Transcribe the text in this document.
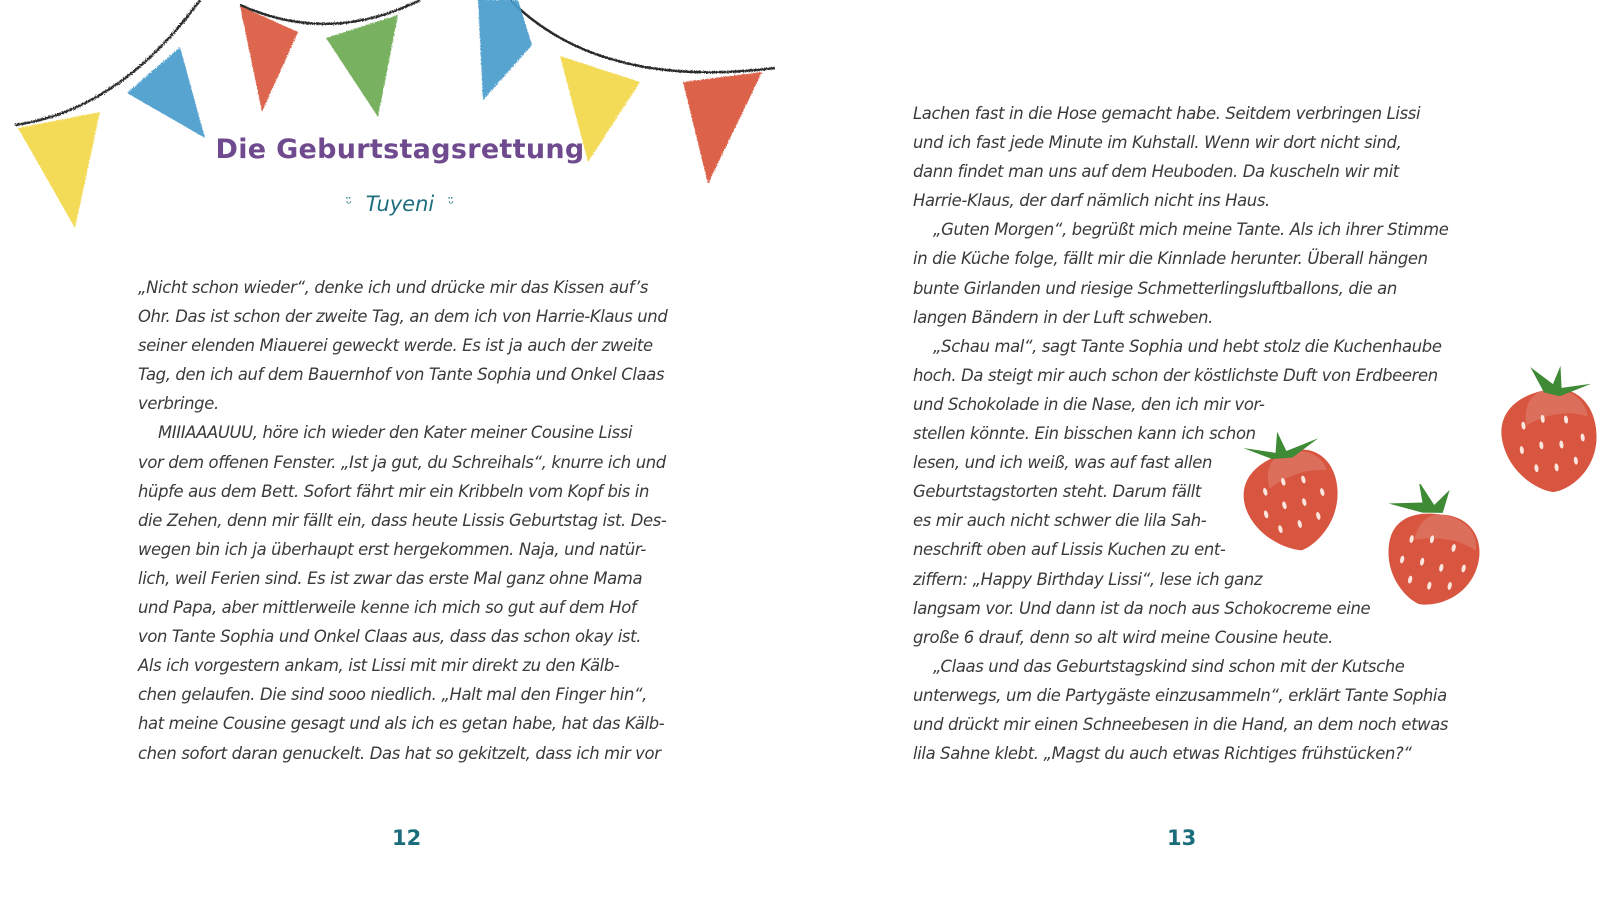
Die Geburtstagsrettung
ᵕ̈ Tuyeni ᵕ̈
„Nicht schon wieder“, denke ich und drücke mir das Kissen auf’s
Ohr. Das ist schon der zweite Tag, an dem ich von Harrie-Klaus und
seiner elenden Miauerei geweckt werde. Es ist ja auch der zweite
Tag, den ich auf dem Bauernhof von Tante Sophia und Onkel Claas
verbringe.
MIIIAAAUUU, höre ich wieder den Kater meiner Cousine Lissi
vor dem offenen Fenster. „Ist ja gut, du Schreihals“, knurre ich und
hüpfe aus dem Bett. Sofort fährt mir ein Kribbeln vom Kopf bis in
die Zehen, denn mir fällt ein, dass heute Lissis Geburtstag ist. Des-
wegen bin ich ja überhaupt erst hergekommen. Naja, und natür-
lich, weil Ferien sind. Es ist zwar das erste Mal ganz ohne Mama
und Papa, aber mittlerweile kenne ich mich so gut auf dem Hof
von Tante Sophia und Onkel Claas aus, dass das schon okay ist.
Als ich vorgestern ankam, ist Lissi mit mir direkt zu den Kälb-
chen gelaufen. Die sind sooo niedlich. „Halt mal den Finger hin“,
hat meine Cousine gesagt und als ich es getan habe, hat das Kälb-
chen sofort daran genuckelt. Das hat so gekitzelt, dass ich mir vor
12
Lachen fast in die Hose gemacht habe. Seitdem verbringen Lissi
und ich fast jede Minute im Kuhstall. Wenn wir dort nicht sind,
dann findet man uns auf dem Heuboden. Da kuscheln wir mit
Harrie-Klaus, der darf nämlich nicht ins Haus.
„Guten Morgen“, begrüßt mich meine Tante. Als ich ihrer Stimme
in die Küche folge, fällt mir die Kinnlade herunter. Überall hängen
bunte Girlanden und riesige Schmetterlingsluftballons, die an
langen Bändern in der Luft schweben.
„Schau mal“, sagt Tante Sophia und hebt stolz die Kuchenhaube
hoch. Da steigt mir auch schon der köstlichste Duft von Erdbeeren
und Schokolade in die Nase, den ich mir vor-
stellen könnte. Ein bisschen kann ich schon
lesen, und ich weiß, was auf fast allen
Geburtstagstorten steht. Darum fällt
es mir auch nicht schwer die lila Sah-
neschrift oben auf Lissis Kuchen zu ent-
ziffern: „Happy Birthday Lissi“, lese ich ganz
langsam vor. Und dann ist da noch aus Schokocreme eine
große 6 drauf, denn so alt wird meine Cousine heute.
„Claas und das Geburtstagskind sind schon mit der Kutsche
unterwegs, um die Partygäste einzusammeln“, erklärt Tante Sophia
und drückt mir einen Schneebesen in die Hand, an dem noch etwas
lila Sahne klebt. „Magst du auch etwas Richtiges frühstücken?“
13
